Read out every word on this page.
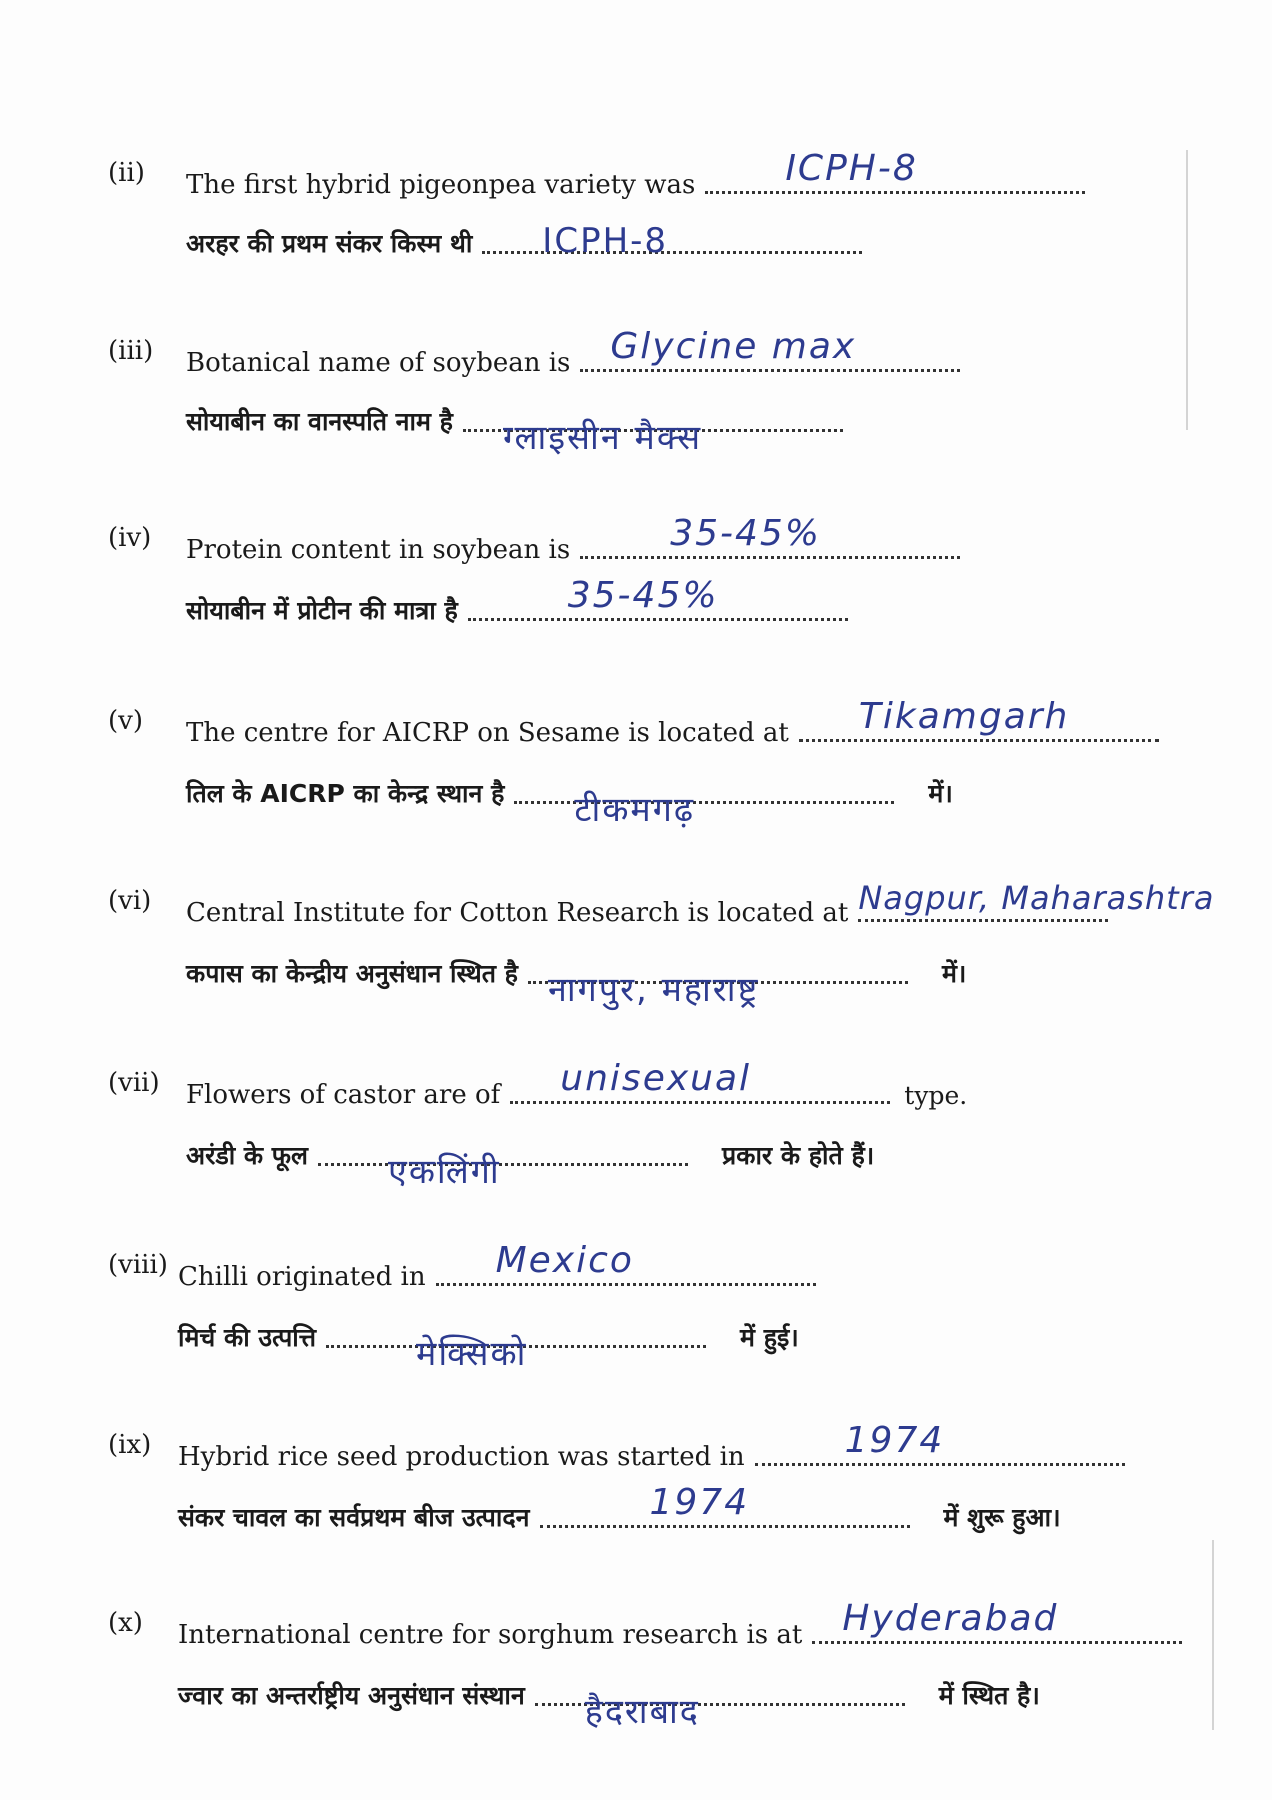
(ii) The first hybrid pigeonpea variety was	ICPH-8
अरहर की प्रथम संकर किस्म थी ICPH-8
(iii) Botanical name of soybean is Glycine max
सोयाबीन का वानस्पति नाम है ग्लाइसीन मैक्स
(iv) Protein content in soybean is	35-45%
सोयाबीन में प्रोटीन की मात्रा है	35-45%
(v) The centre for AICRP on Sesame is located at Tikamgarh
तिल के AICRP का केन्द्र स्थान है टीकमगढ़	में।
(vi) Central Institute for Cotton Research is located at Nagpur, Maharashtra
कपास का केन्द्रीय अनुसंधान स्थित है नागपुर, महाराष्ट्र	में।
(vii) Flowers of castor are of unisexual	type.
अरंडी के फूल एकलिंगी	प्रकार के होते हैं।
(viii) Chilli originated in Mexico
मिर्च की उत्पत्ति	मेक्सिको	में हुई।
(ix) Hybrid rice seed production was started in	1974
संकर चावल का सर्वप्रथम बीज उत्पादन	1974	में शुरू हुआ।
(x) International centre for sorghum research is at Hyderabad
ज्वार का अन्तर्राष्ट्रीय अनुसंधान संस्थान हैदराबाद	में स्थित है।
